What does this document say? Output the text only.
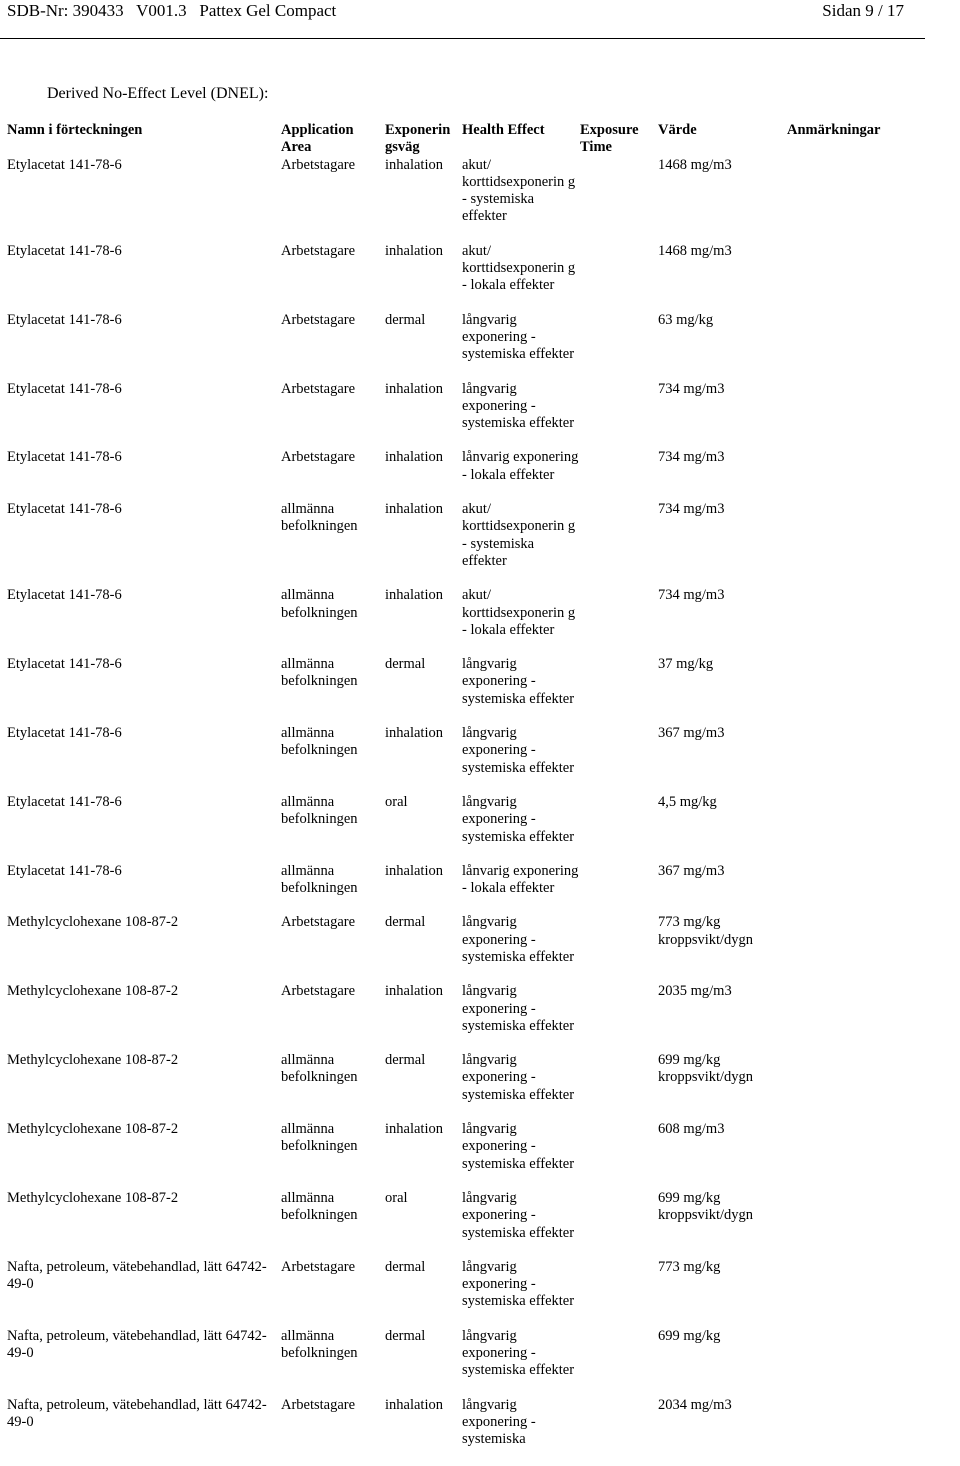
SDB-Nr: 390433   V001.3   Pattex Gel Compact	Sidan 9 / 17
Derived No-Effect Level (DNEL):
Namn i förteckningen	Application Area	Exponerin gsväg	Health Effect	Exposure Time	Värde	Anmärkningar
Etylacetat 141-78-6	Arbetstagare	inhalation	akut/ korttidsexponerin g - systemiska effekter		1468 mg/m3	
Etylacetat 141-78-6	Arbetstagare	inhalation	akut/ korttidsexponerin g - lokala effekter		1468 mg/m3	
Etylacetat 141-78-6	Arbetstagare	dermal	långvarig exponering - systemiska effekter		63 mg/kg	
Etylacetat 141-78-6	Arbetstagare	inhalation	långvarig exponering - systemiska effekter		734 mg/m3	
Etylacetat 141-78-6	Arbetstagare	inhalation	lånvarig exponering - lokala effekter		734 mg/m3	
Etylacetat 141-78-6	allmänna befolkningen	inhalation	akut/ korttidsexponerin g - systemiska effekter		734 mg/m3	
Etylacetat 141-78-6	allmänna befolkningen	inhalation	akut/ korttidsexponerin g - lokala effekter		734 mg/m3	
Etylacetat 141-78-6	allmänna befolkningen	dermal	långvarig exponering - systemiska effekter		37 mg/kg	
Etylacetat 141-78-6	allmänna befolkningen	inhalation	långvarig exponering - systemiska effekter		367 mg/m3	
Etylacetat 141-78-6	allmänna befolkningen	oral	långvarig exponering - systemiska effekter		4,5 mg/kg	
Etylacetat 141-78-6	allmänna befolkningen	inhalation	lånvarig exponering - lokala effekter		367 mg/m3	
Methylcyclohexane 108-87-2	Arbetstagare	dermal	långvarig exponering - systemiska effekter		773 mg/kg kroppsvikt/dygn	
Methylcyclohexane 108-87-2	Arbetstagare	inhalation	långvarig exponering - systemiska effekter		2035 mg/m3	
Methylcyclohexane 108-87-2	allmänna befolkningen	dermal	långvarig exponering - systemiska effekter		699 mg/kg kroppsvikt/dygn	
Methylcyclohexane 108-87-2	allmänna befolkningen	inhalation	långvarig exponering - systemiska effekter		608 mg/m3	
Methylcyclohexane 108-87-2	allmänna befolkningen	oral	långvarig exponering - systemiska effekter		699 mg/kg kroppsvikt/dygn	
Nafta, petroleum, vätebehandlad, lätt 64742-49-0	Arbetstagare	dermal	långvarig exponering - systemiska effekter		773 mg/kg	
Nafta, petroleum, vätebehandlad, lätt 64742-49-0	allmänna befolkningen	dermal	långvarig exponering - systemiska effekter		699 mg/kg	
Nafta, petroleum, vätebehandlad, lätt 64742-49-0	Arbetstagare	inhalation	långvarig exponering - systemiska		2034 mg/m3	
